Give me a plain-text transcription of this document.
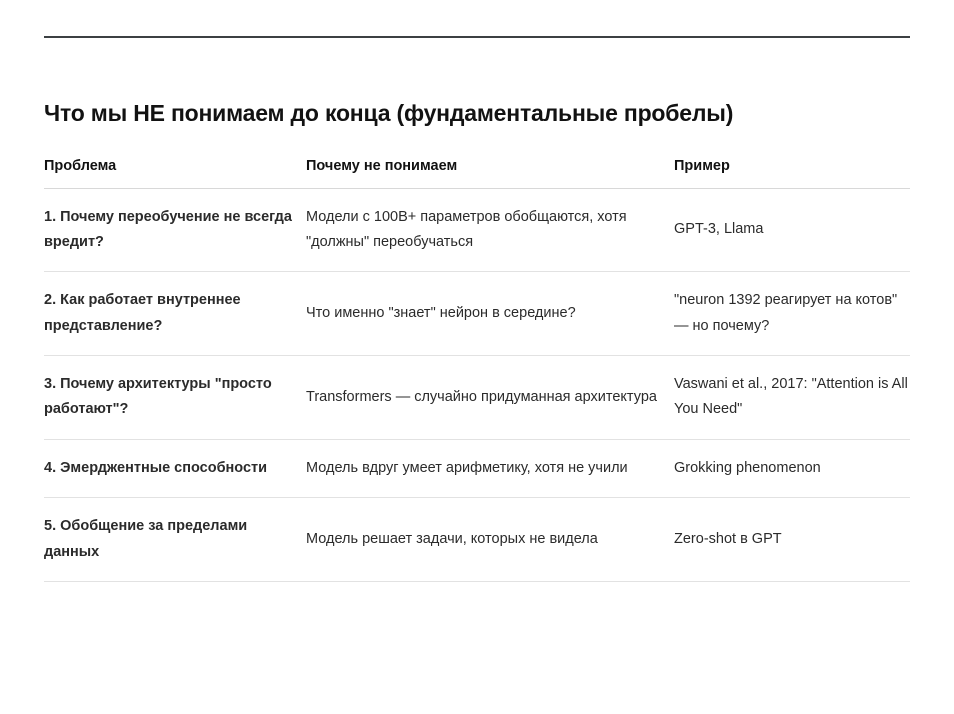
Что мы НЕ понимаем до конца (фундаментальные пробелы)
Проблема	Почему не понимаем	Пример
1. Почему переобучение не всегда вредит?	Модели с 100B+ параметров обобщаются, хотя "должны" переобучаться	GPT-3, Llama
2. Как работает внутреннее представление?	Что именно "знает" нейрон в середине?	"neuron 1392 реагирует на котов" — но почему?
3. Почему архитектуры "просто работают"?	Transformers — случайно придуманная архитектура	Vaswani et al., 2017: "Attention is All You Need"
4. Эмерджентные способности	Модель вдруг умеет арифметику, хотя не учили	Grokking phenomenon
5. Обобщение за пределами данных	Модель решает задачи, которых не видела	Zero-shot в GPT
